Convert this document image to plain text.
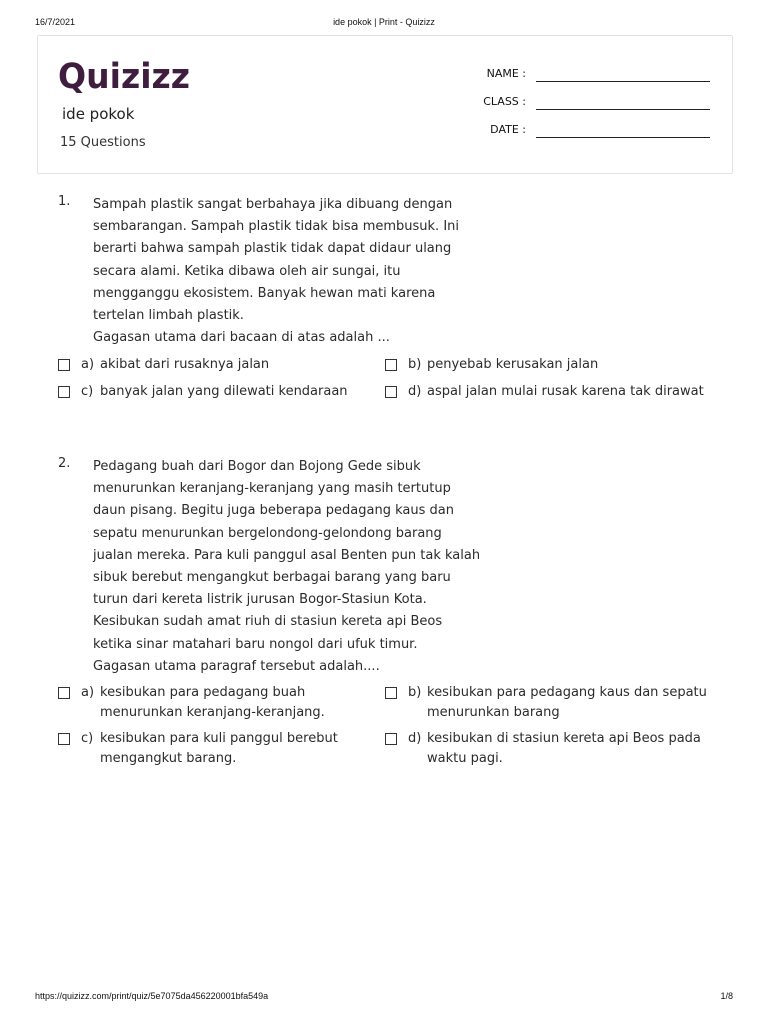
16/7/2021	ide pokok | Print - Quizizz
Quizizz
ide pokok
15 Questions
NAME :
CLASS :
DATE :
1. Sampah plastik sangat berbahaya jika dibuang dengan
sembarangan. Sampah plastik tidak bisa membusuk. Ini
berarti bahwa sampah plastik tidak dapat didaur ulang
secara alami. Ketika dibawa oleh air sungai, itu
mengganggu ekosistem. Banyak hewan mati karena
tertelan limbah plastik.
Gagasan utama dari bacaan di atas adalah ...
a) akibat dari rusaknya jalan	b) penyebab kerusakan jalan
c) banyak jalan yang dilewati kendaraan	d) aspal jalan mulai rusak karena tak dirawat
2. Pedagang buah dari Bogor dan Bojong Gede sibuk
menurunkan keranjang-keranjang yang masih tertutup
daun pisang. Begitu juga beberapa pedagang kaus dan
sepatu menurunkan bergelondong-gelondong barang
jualan mereka. Para kuli panggul asal Benten pun tak kalah
sibuk berebut mengangkut berbagai barang yang baru
turun dari kereta listrik jurusan Bogor-Stasiun Kota.
Kesibukan sudah amat riuh di stasiun kereta api Beos
ketika sinar matahari baru nongol dari ufuk timur.
Gagasan utama paragraf tersebut adalah....
a) kesibukan para pedagang buah
menurunkan keranjang-keranjang.
b) kesibukan para pedagang kaus dan sepatu
menurunkan barang
c) kesibukan para kuli panggul berebut
mengangkut barang.
d) kesibukan di stasiun kereta api Beos pada
waktu pagi.
https://quizizz.com/print/quiz/5e7075da456220001bfa549a	1/8
